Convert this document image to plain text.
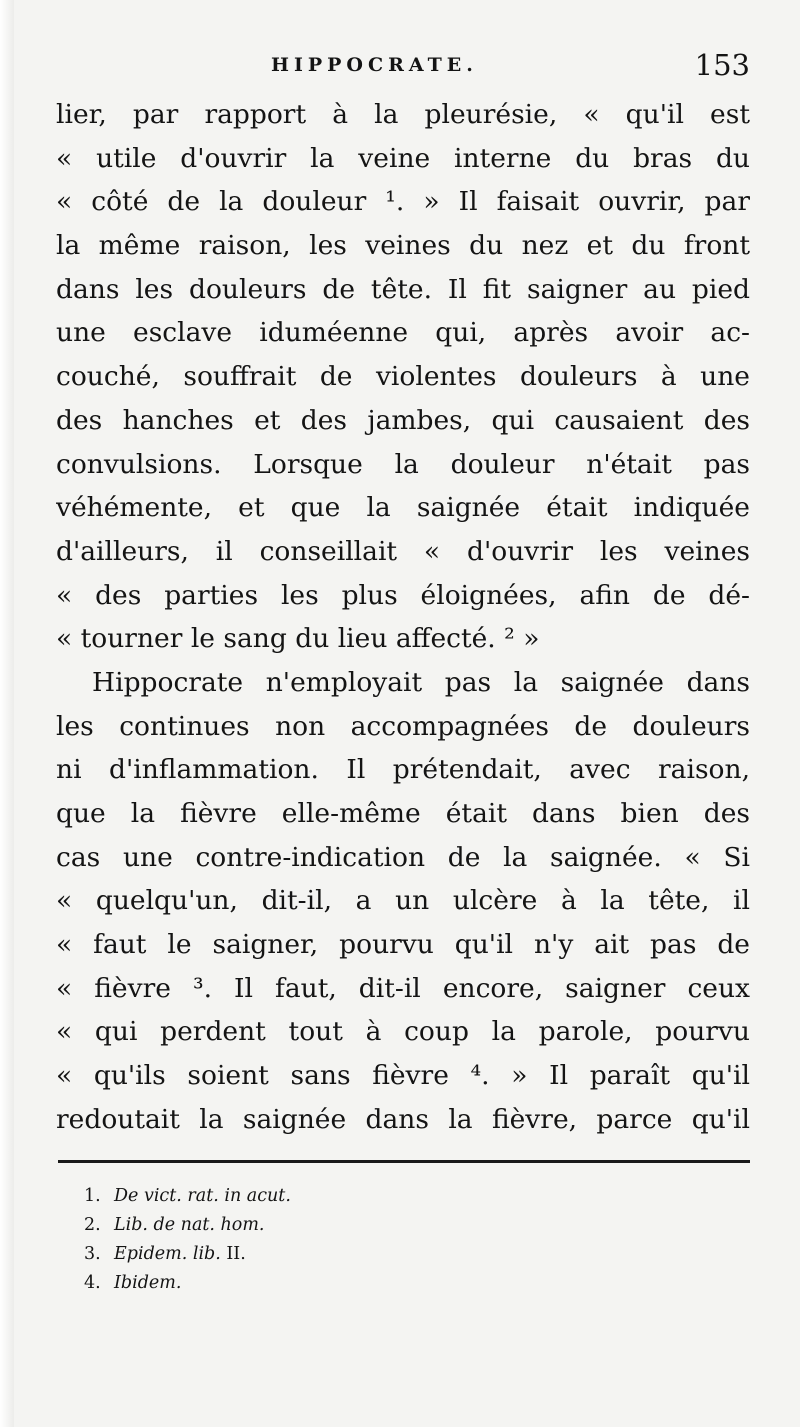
HIPPOCRATE.	153
lier, par rapport à la pleurésie, « qu'il est
« utile d'ouvrir la veine interne du bras du
« côté de la douleur ¹. » Il faisait ouvrir, par
la même raison, les veines du nez et du front
dans les douleurs de tête. Il fit saigner au pied
une esclave iduméenne qui, après avoir ac-
couché, souffrait de violentes douleurs à une
des hanches et des jambes, qui causaient des
convulsions. Lorsque la douleur n'était pas
véhémente, et que la saignée était indiquée
d'ailleurs, il conseillait « d'ouvrir les veines
« des parties les plus éloignées, afin de dé-
« tourner le sang du lieu affecté. ² »
Hippocrate n'employait pas la saignée dans
les continues non accompagnées de douleurs
ni d'inflammation. Il prétendait, avec raison,
que la fièvre elle-même était dans bien des
cas une contre-indication de la saignée. « Si
« quelqu'un, dit-il, a un ulcère à la tête, il
« faut le saigner, pourvu qu'il n'y ait pas de
« fièvre ³. Il faut, dit-il encore, saigner ceux
« qui perdent tout à coup la parole, pourvu
« qu'ils soient sans fièvre ⁴. » Il paraît qu'il
redoutait la saignée dans la fièvre, parce qu'il
1. De vict. rat. in acut.
2. Lib. de nat. hom.
3. Epidem. lib. II.
4. Ibidem.
